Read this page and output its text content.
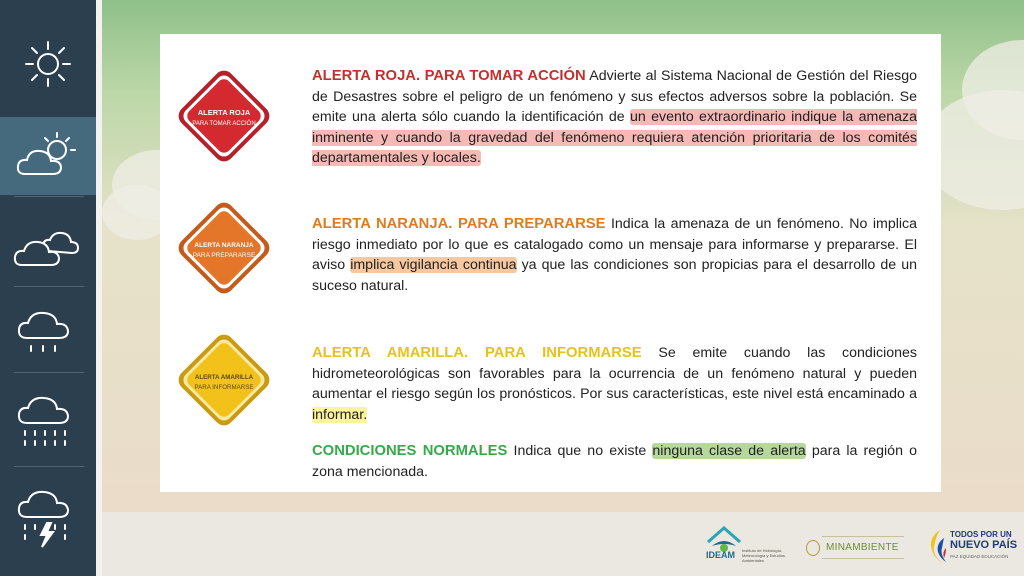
ALERTA ROJA
PARA TOMAR ACCIÓN
ALERTA NARANJA
PARA PREPARARSE
ALERTA AMARILLA
PARA INFORMARSE
ALERTA ROJA. PARA TOMAR ACCIÓN Advierte al Sistema Nacional de Gestión del Riesgo de Desastres sobre el peligro de un fenómeno y sus efectos adversos sobre la población. Se emite una alerta sólo cuando la identificación de un evento extraordinario indique la amenaza inminente y cuando la gravedad del fenómeno requiera atención prioritaria de los comités departamentales y locales.
ALERTA NARANJA. PARA PREPARARSE Indica la amenaza de un fenómeno. No implica riesgo inmediato por lo que es catalogado como un mensaje para informarse y prepararse. El aviso implica vigilancia continua ya que las condiciones son propicias para el desarrollo de un suceso natural.
ALERTA AMARILLA. PARA INFORMARSE Se emite cuando las condiciones hidrometeorológicas son favorables para la ocurrencia de un fenómeno natural y pueden aumentar el riesgo según los pronósticos. Por sus características, este nivel está encaminado a informar.
CONDICIONES NORMALES Indica que no existe ninguna clase de alerta para la región o zona mencionada.
IDEAM Instituto de Hidrología, Meteorología y Estudios Ambientales
MINAMBIENTE
TODOS POR UN
NUEVO PAÍS
PAZ EQUIDAD EDUCACIÓN
